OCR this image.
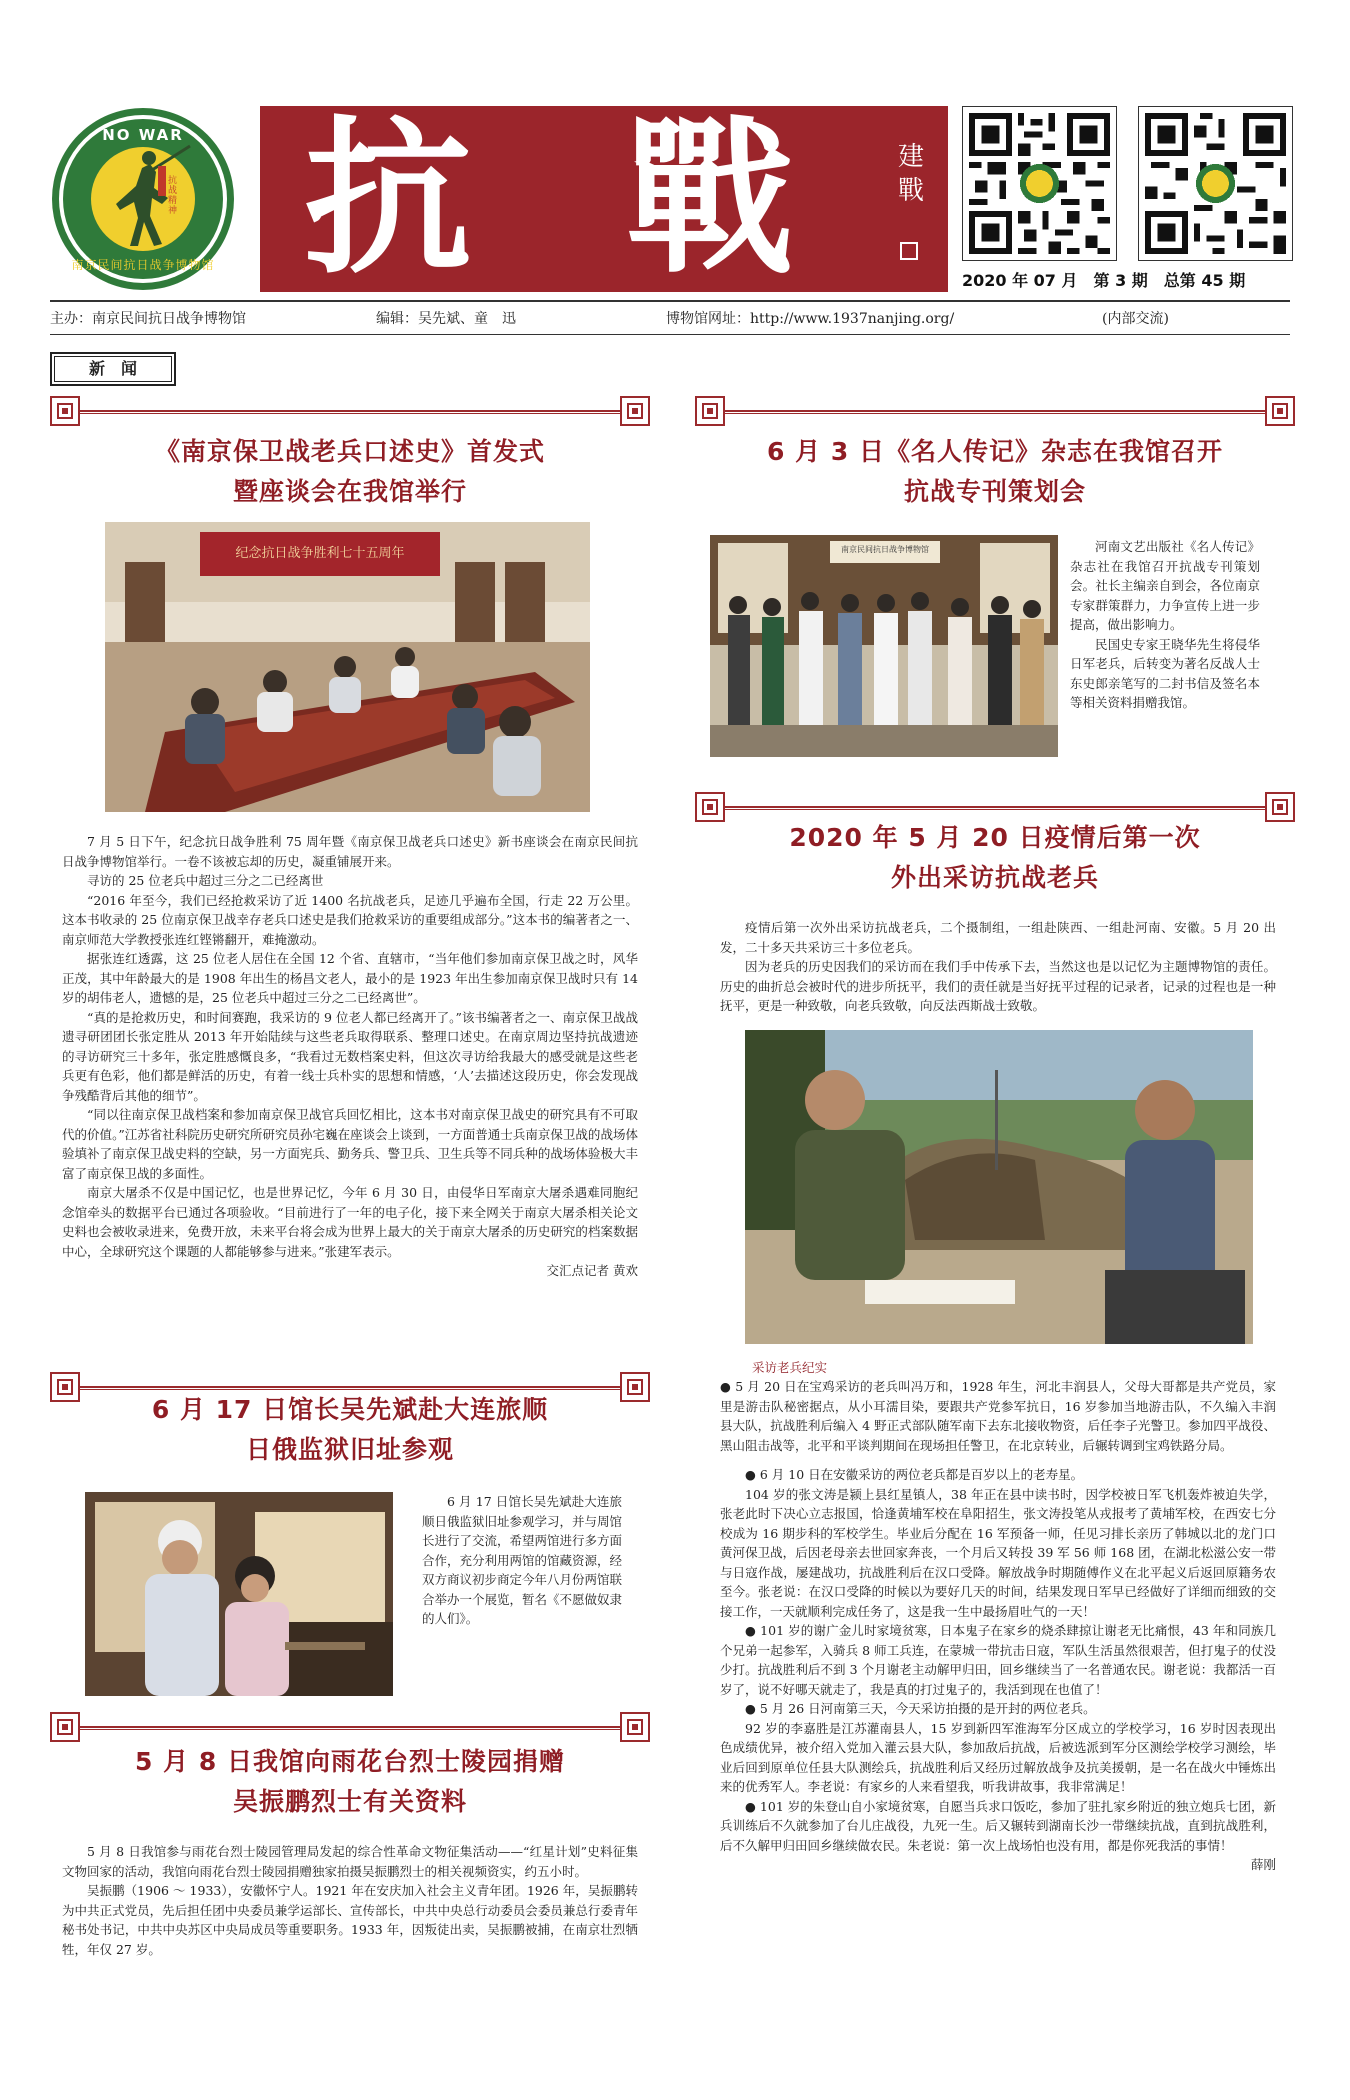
NO WAR
南京民间抗日战争博物馆
抗战精神 抗 戰	建戰
2020 年 07 月　第 3 期　总第 45 期
主办：南京民间抗日战争博物馆	编辑：吴先斌、童　迅	博物馆网址：http://www.1937nanjing.org/	(内部交流)
新　闻
《南京保卫战老兵口述史》首发式
暨座谈会在我馆举行
纪念抗日战争胜利七十五周年

7 月 5 日下午，纪念抗日战争胜利 75 周年暨《南京保卫战老兵口述史》新书座谈会在南京民间抗日战争博物馆举行。一卷不该被忘却的历史，凝重铺展开来。

寻访的 25 位老兵中超过三分之二已经离世

“2016 年至今，我们已经抢救采访了近 1400 名抗战老兵，足迹几乎遍布全国，行走 22 万公里。这本书收录的 25 位南京保卫战幸存老兵口述史是我们抢救采访的重要组成部分。”这本书的编著者之一、南京师范大学教授张连红铿锵翻开，难掩激动。

据张连红透露，这 25 位老人居住在全国 12 个省、直辖市，“当年他们参加南京保卫战之时，风华正茂，其中年龄最大的是 1908 年出生的杨昌文老人，最小的是 1923 年出生参加南京保卫战时只有 14 岁的胡伟老人，遗憾的是，25 位老兵中超过三分之二已经离世”。

“真的是抢救历史，和时间赛跑，我采访的 9 位老人都已经离开了。”该书编著者之一、南京保卫战战遗寻研团团长张定胜从 2013 年开始陆续与这些老兵取得联系、整理口述史。在南京周边坚持抗战遗迹的寻访研究三十多年，张定胜感慨良多，“我看过无数档案史料，但这次寻访给我最大的感受就是这些老兵更有色彩，他们都是鲜活的历史，有着一线士兵朴实的思想和情感，‘人’去描述这段历史，你会发现战争残酷背后其他的细节”。

“同以往南京保卫战档案和参加南京保卫战官兵回忆相比，这本书对南京保卫战史的研究具有不可取代的价值。”江苏省社科院历史研究所研究员孙宅巍在座谈会上谈到，一方面普通士兵南京保卫战的战场体验填补了南京保卫战史料的空缺，另一方面宪兵、勤务兵、警卫兵、卫生兵等不同兵种的战场体验极大丰富了南京保卫战的多面性。

南京大屠杀不仅是中国记忆，也是世界记忆，今年 6 月 30 日，由侵华日军南京大屠杀遇难同胞纪念馆牵头的数据平台已通过各项验收。“目前进行了一年的电子化，接下来全网关于南京大屠杀相关论文史料也会被收录进来，免费开放，未来平台将会成为世界上最大的关于南京大屠杀的历史研究的档案数据中心，全球研究这个课题的人都能够参与进来。”张建军表示。

交汇点记者 黄欢

6 月 3 日《名人传记》杂志在我馆召开
抗战专刊策划会
南京民间抗日战争博物馆	河南文艺出版社《名人传记》杂志社在我馆召开抗战专刊策划会。社长主编亲自到会，各位南京专家群策群力，力争宣传上进一步提高，做出影响力。

民国史专家王晓华先生将侵华日军老兵，后转变为著名反战人士东史郎亲笔写的二封书信及签名本等相关资料捐赠我馆。

2020 年 5 月 20 日疫情后第一次
外出采访抗战老兵

疫情后第一次外出采访抗战老兵，二个摄制组，一组赴陕西、一组赴河南、安徽。5 月 20 出发，二十多天共采访三十多位老兵。

因为老兵的历史因我们的采访而在我们手中传承下去，当然这也是以记忆为主题博物馆的责任。历史的曲折总会被时代的进步所抚平，我们的责任就是当好抚平过程的记录者，记录的过程也是一种抚平，更是一种致敬，向老兵致敬，向反法西斯战士致敬。

采访老兵纪实

● 5 月 20 日在宝鸡采访的老兵叫冯万和，1928 年生，河北丰润县人，父母大哥都是共产党员，家里是游击队秘密据点，从小耳濡目染，要跟共产党参军抗日，16 岁参加当地游击队，不久编入丰润县大队，抗战胜利后编入 4 野正式部队随军南下去东北接收物资，后任李子光警卫。参加四平战役、黑山阻击战等，北平和平谈判期间在现场担任警卫，在北京转业，后辗转调到宝鸡铁路分局。

● 6 月 10 日在安徽采访的两位老兵都是百岁以上的老寿星。

104 岁的张文涛是颍上县红星镇人，38 年正在县中读书时，因学校被日军飞机轰炸被迫失学，张老此时下决心立志报国，恰逢黄埔军校在阜阳招生，张文涛投笔从戎报考了黄埔军校，在西安七分校成为 16 期步科的军校学生。毕业后分配在 16 军预备一师，任见习排长亲历了韩城以北的龙门口黄河保卫战，后因老母亲去世回家奔丧，一个月后又转投 39 军 56 师 168 团，在湖北松滋公安一带与日寇作战，屡建战功，抗战胜利后在汉口受降。解放战争时期随傅作义在北平起义后返回原籍务农至今。张老说：在汉口受降的时候以为要好几天的时间，结果发现日军早已经做好了详细而细致的交接工作，一天就顺利完成任务了，这是我一生中最扬眉吐气的一天！

● 101 岁的谢广金儿时家境贫寒，日本鬼子在家乡的烧杀肆掠让谢老无比痛恨，43 年和同族几个兄弟一起参军，入骑兵 8 师工兵连，在蒙城一带抗击日寇，军队生活虽然很艰苦，但打鬼子的仗没少打。抗战胜利后不到 3 个月谢老主动解甲归田，回乡继续当了一名普通农民。谢老说：我都活一百岁了，说不好哪天就走了，我是真的打过鬼子的，我活到现在也值了！

● 5 月 26 日河南第三天，今天采访拍摄的是开封的两位老兵。

92 岁的李嘉胜是江苏灌南县人，15 岁到新四军淮海军分区成立的学校学习，16 岁时因表现出色成绩优异，被介绍入党加入灌云县大队，参加敌后抗战，后被选派到军分区测绘学校学习测绘，毕业后回到原单位任县大队测绘兵，抗战胜利后又经历过解放战争及抗美援朝，是一名在战火中锤炼出来的优秀军人。李老说：有家乡的人来看望我，听我讲故事，我非常满足！

● 101 岁的朱登山自小家境贫寒，自愿当兵求口饭吃，参加了驻扎家乡附近的独立炮兵七团，新兵训练后不久就参加了台儿庄战役，九死一生。后又辗转到湖南长沙一带继续抗战，直到抗战胜利，后不久解甲归田回乡继续做农民。朱老说：第一次上战场怕也没有用，都是你死我活的事情！

薛刚

6 月 17 日馆长吴先斌赴大连旅顺
日俄监狱旧址参观

6 月 17 日馆长吴先斌赴大连旅顺日俄监狱旧址参观学习，并与周馆长进行了交流，希望两馆进行多方面合作，充分利用两馆的馆藏资源，经双方商议初步商定今年八月份两馆联合举办一个展览，暂名《不愿做奴隶的人们》。

5 月 8 日我馆向雨花台烈士陵园捐赠
吴振鹏烈士有关资料

5 月 8 日我馆参与雨花台烈士陵园管理局发起的综合性革命文物征集活动——“红星计划”史料征集文物回家的活动，我馆向雨花台烈士陵园捐赠独家拍摄吴振鹏烈士的相关视频资实，约五小时。

吴振鹏（1906 ～ 1933），安徽怀宁人。1921 年在安庆加入社会主义青年团。1926 年，吴振鹏转为中共正式党员，先后担任团中央委员兼学运部长、宣传部长，中共中央总行动委员会委员兼总行委青年秘书处书记，中共中央苏区中央局成员等重要职务。1933 年，因叛徒出卖，吴振鹏被捕，在南京壮烈牺牲，年仅 27 岁。
